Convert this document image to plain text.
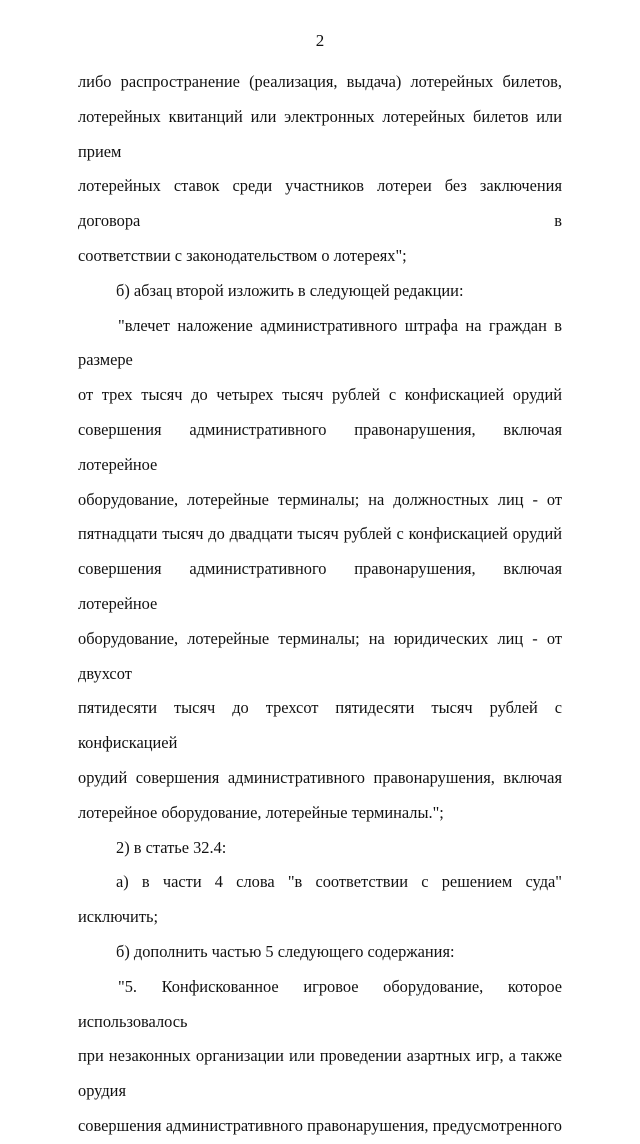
2

либо распространение (реализация, выдача) лотерейных билетов,

лотерейных квитанций или электронных лотерейных билетов или прием

лотерейных ставок среди участников лотереи без заключения договора в

соответствии с законодательством о лотереях";

б) абзац второй изложить в следующей редакции:

"влечет наложение административного штрафа на граждан в размере

от трех тысяч до четырех тысяч рублей с конфискацией орудий

совершения административного правонарушения, включая лотерейное

оборудование, лотерейные терминалы; на должностных лиц - от

пятнадцати тысяч до двадцати тысяч рублей с конфискацией орудий

совершения административного правонарушения, включая лотерейное

оборудование, лотерейные терминалы; на юридических лиц - от двухсот

пятидесяти тысяч до трехсот пятидесяти тысяч рублей с конфискацией

орудий совершения административного правонарушения, включая

лотерейное оборудование, лотерейные терминалы.";

2) в статье 32.4:

а) в части 4 слова "в соответствии с решением суда" исключить;

б) дополнить частью 5 следующего содержания:

"5. Конфискованное игровое оборудование, которое использовалось

при незаконных организации или проведении азартных игр, а также орудия

совершения административного правонарушения, предусмотренного
